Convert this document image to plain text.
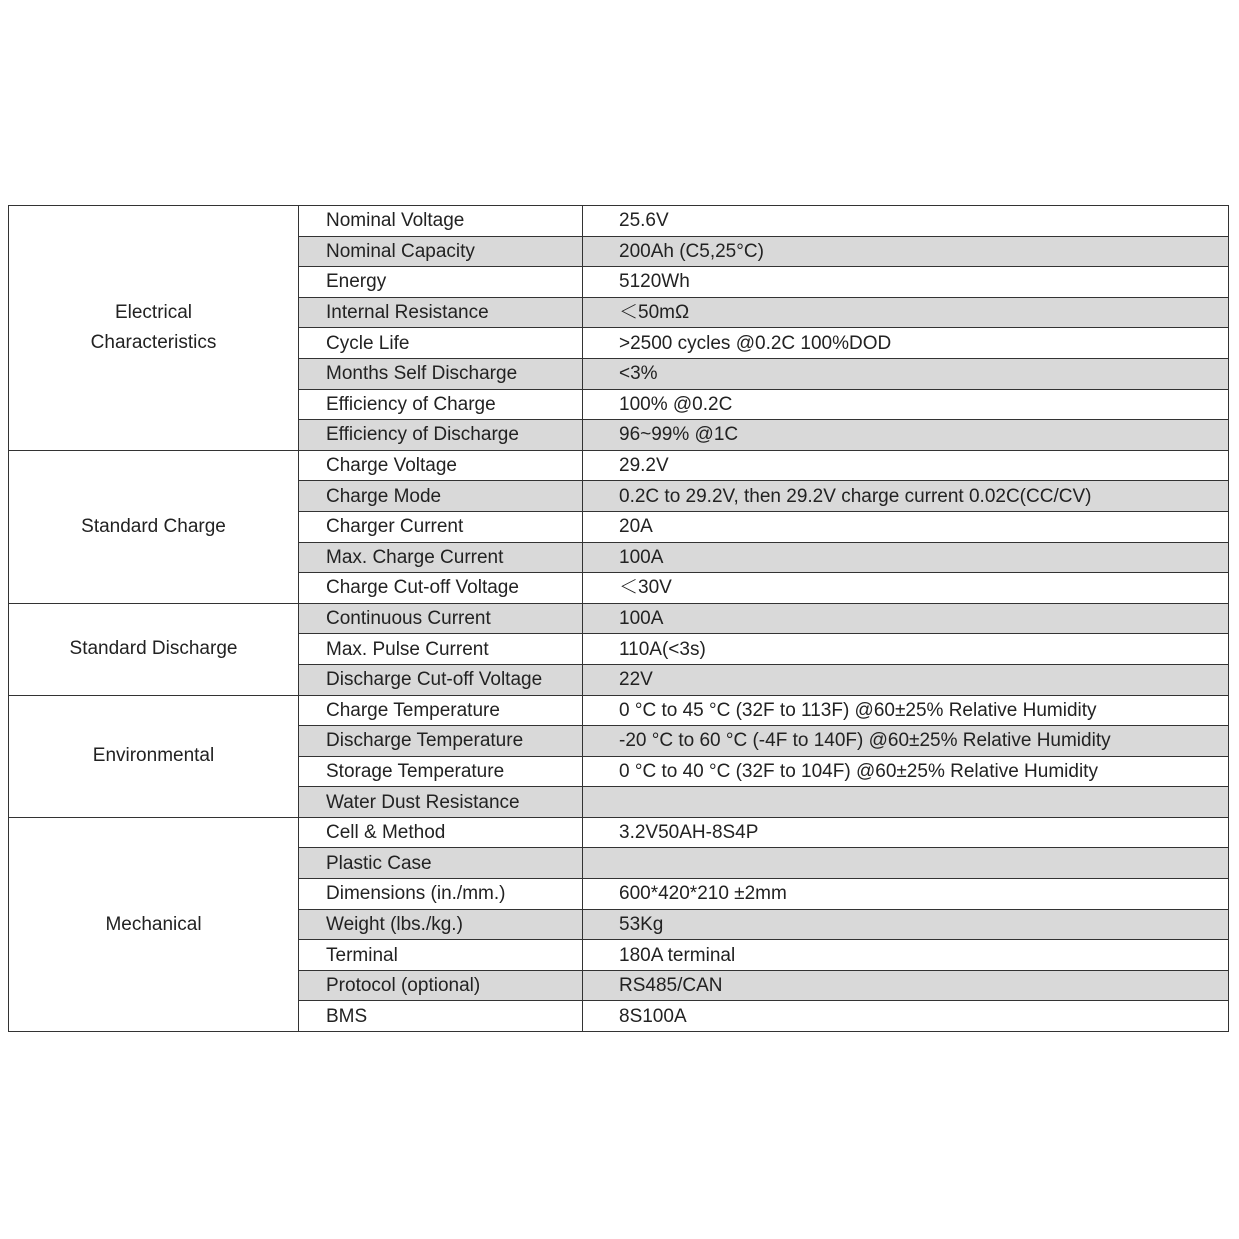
Electrical Characteristics	Nominal Voltage	25.6V
	Nominal Capacity	200Ah (C5,25°C)
	Energy	5120Wh
	Internal Resistance	＜50mΩ
	Cycle Life	>2500 cycles @0.2C 100%DOD
	Months Self Discharge	<3%
	Efficiency of Charge	100% @0.2C
	Efficiency of Discharge	96~99% @1C
Standard Charge	Charge Voltage	29.2V
	Charge Mode	0.2C to 29.2V, then 29.2V charge current 0.02C(CC/CV)
	Charger Current	20A
	Max. Charge Current	100A
	Charge Cut-off Voltage	＜30V
Standard Discharge	Continuous Current	100A
	Max. Pulse Current	110A(<3s)
	Discharge Cut-off Voltage	22V
Environmental	Charge Temperature	0 °C to 45 °C (32F to 113F) @60±25% Relative Humidity
	Discharge Temperature	-20 °C to 60 °C (-4F to 140F) @60±25% Relative Humidity
	Storage Temperature	0 °C to 40 °C (32F to 104F) @60±25% Relative Humidity
	Water Dust Resistance	
Mechanical	Cell & Method	3.2V50AH-8S4P
	Plastic Case	
	Dimensions (in./mm.)	600*420*210 ±2mm
	Weight (lbs./kg.)	53Kg
	Terminal	180A terminal
	Protocol (optional)	RS485/CAN
	BMS	8S100A
